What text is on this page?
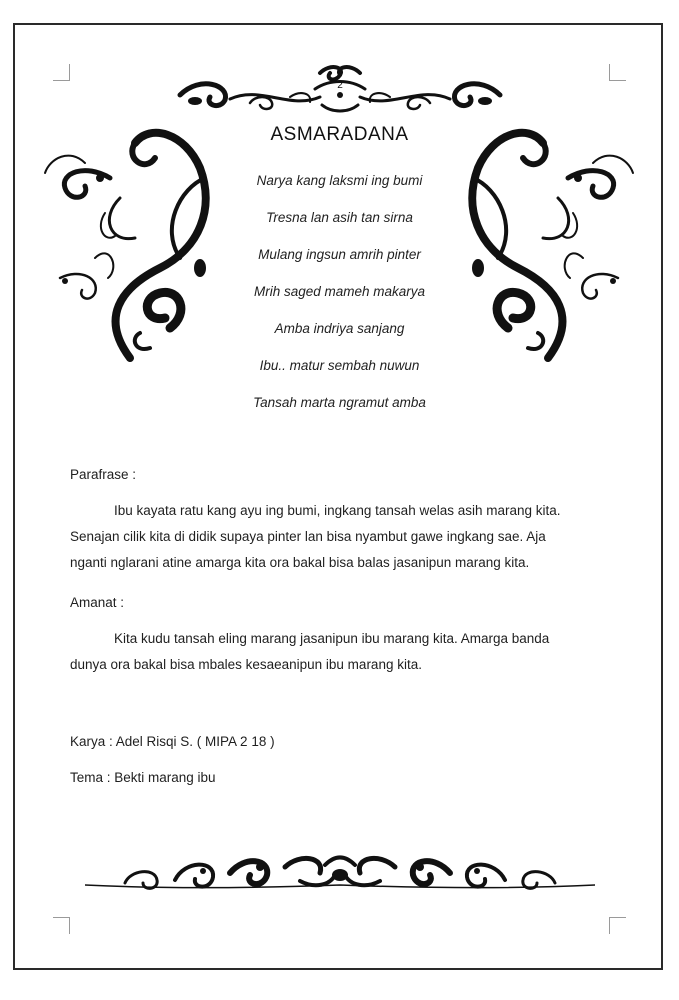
2
ASMARADANA
Narya kang laksmi ing bumi
Tresna lan asih tan sirna
Mulang ingsun amrih pinter
Mrih saged mameh makarya
Amba indriya sanjang
Ibu.. matur sembah nuwun
Tansah marta ngramut amba

Parafrase :

Ibu kayata ratu kang ayu ing bumi, ingkang tansah welas asih marang kita.
Senajan cilik kita di didik supaya pinter lan bisa nyambut gawe ingkang sae. Aja
nganti nglarani atine amarga kita ora bakal bisa balas jasanipun marang kita.

Amanat :

Kita kudu tansah eling marang jasanipun ibu marang kita. Amarga banda
dunya ora bakal bisa mbales kesaeanipun ibu marang kita.

Karya : Adel Risqi S. ( MIPA 2 18 )
Tema : Bekti marang ibu
